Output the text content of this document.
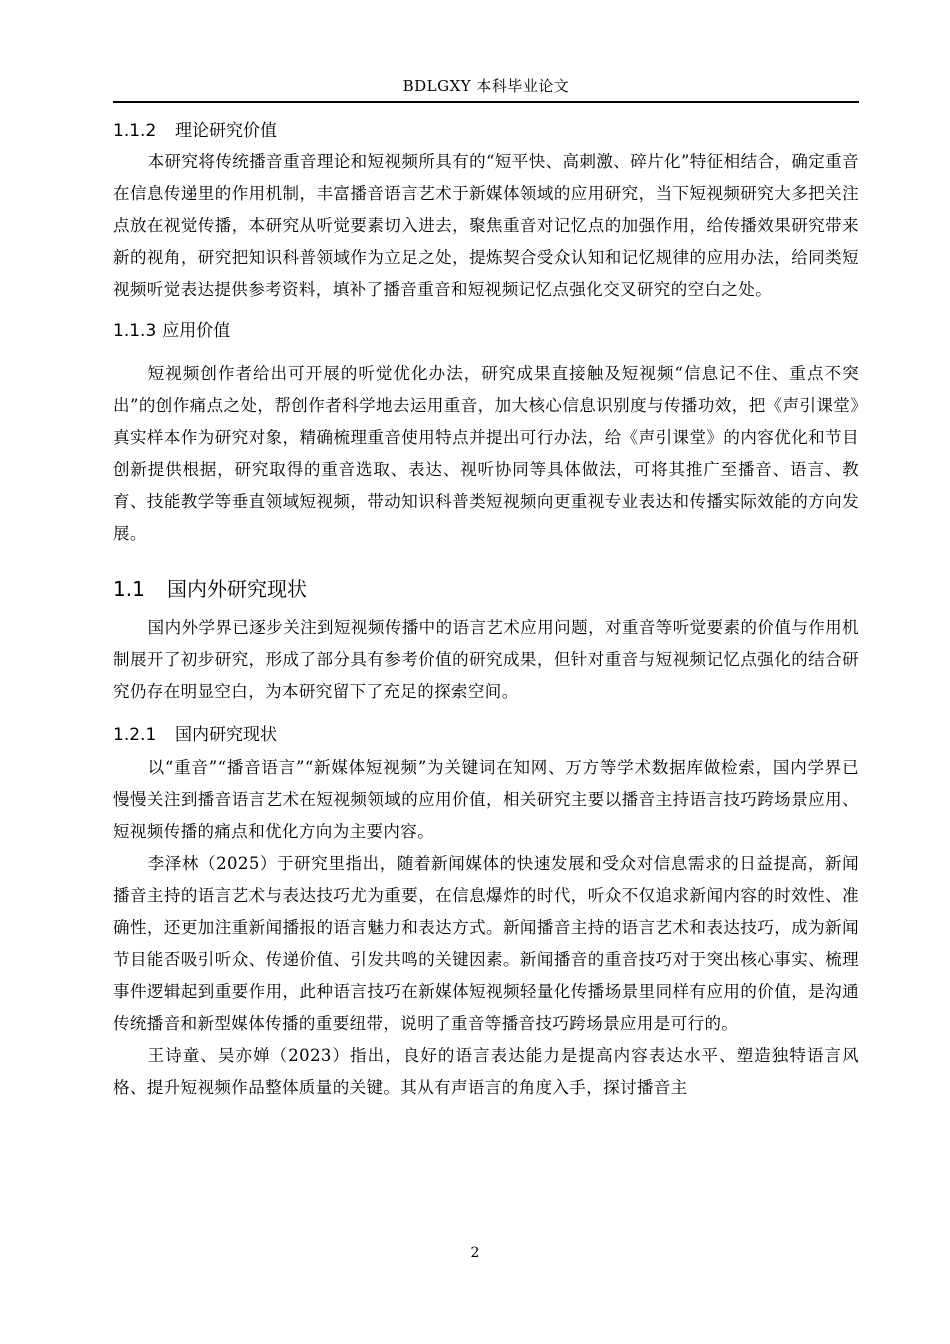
BDLGXY 本科毕业论文
1.1.2 理论研究价值

本研究将传统播音重音理论和短视频所具有的“短平快、高刺激、碎片化”特征相结合，确定重音在信息传递里的作用机制，丰富播音语言艺术于新媒体领域的应用研究，当下短视频研究大多把关注点放在视觉传播，本研究从听觉要素切入进去，聚焦重音对记忆点的加强作用，给传播效果研究带来新的视角，研究把知识科普领域作为立足之处，提炼契合受众认知和记忆规律的应用办法，给同类短视频听觉表达提供参考资料，填补了播音重音和短视频记忆点强化交叉研究的空白之处。

1.1.3 应用价值

短视频创作者给出可开展的听觉优化办法，研究成果直接触及短视频“信息记不住、重点不突出”的创作痛点之处，帮创作者科学地去运用重音，加大核心信息识别度与传播功效，把《声引课堂》真实样本作为研究对象，精确梳理重音使用特点并提出可行办法，给《声引课堂》的内容优化和节目创新提供根据，研究取得的重音选取、表达、视听协同等具体做法，可将其推广至播音、语言、教育、技能教学等垂直领域短视频，带动知识科普类短视频向更重视专业表达和传播实际效能的方向发展。

1.1 国内外研究现状

国内外学界已逐步关注到短视频传播中的语言艺术应用问题，对重音等听觉要素的价值与作用机制展开了初步研究，形成了部分具有参考价值的研究成果，但针对重音与短视频记忆点强化的结合研究仍存在明显空白，为本研究留下了充足的探索空间。

1.2.1 国内研究现状

以“重音”“播音语言”“新媒体短视频”为关键词在知网、万方等学术数据库做检索，国内学界已慢慢关注到播音语言艺术在短视频领域的应用价值，相关研究主要以播音主持语言技巧跨场景应用、短视频传播的痛点和优化方向为主要内容。

李泽林（2025）于研究里指出，随着新闻媒体的快速发展和受众对信息需求的日益提高，新闻播音主持的语言艺术与表达技巧尤为重要，在信息爆炸的时代，听众不仅追求新闻内容的时效性、准确性，还更加注重新闻播报的语言魅力和表达方式。新闻播音主持的语言艺术和表达技巧，成为新闻节目能否吸引听众、传递价值、引发共鸣的关键因素。新闻播音的重音技巧对于突出核心事实、梳理事件逻辑起到重要作用，此种语言技巧在新媒体短视频轻量化传播场景里同样有应用的价值，是沟通传统播音和新型媒体传播的重要纽带，说明了重音等播音技巧跨场景应用是可行的。

王诗童、吴亦婵（2023）指出，良好的语言表达能力是提高内容表达水平、塑造独特语言风格、提升短视频作品整体质量的关键。其从有声语言的角度入手，探讨播音主

2
